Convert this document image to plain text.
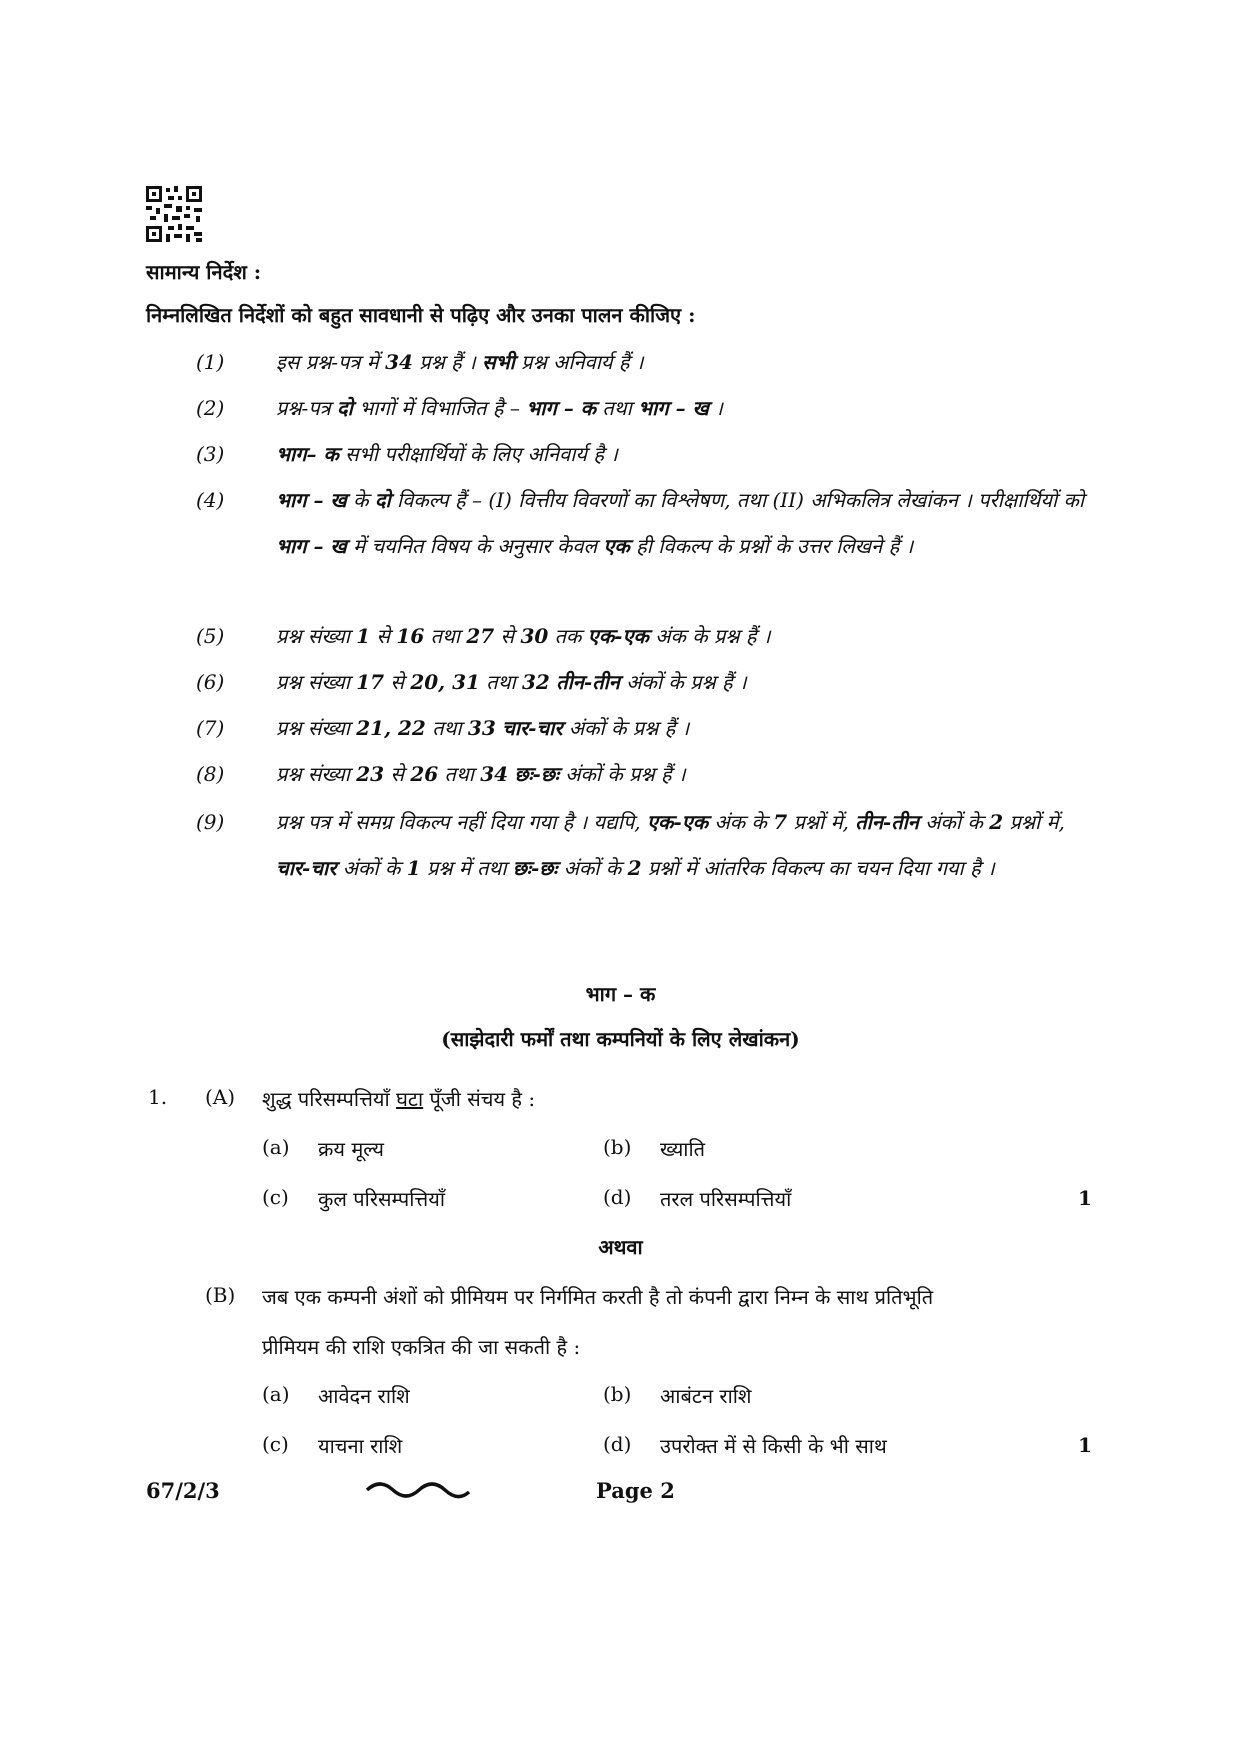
सामान्य निर्देश :
निम्नलिखित निर्देशों को बहुत सावधानी से पढ़िए और उनका पालन कीजिए :
(1)	इस प्रश्न-पत्र में 34 प्रश्न हैं । सभी प्रश्न अनिवार्य हैं ।
(2)	प्रश्न-पत्र दो भागों में विभाजित है – भाग – क तथा भाग – ख ।
(3)	भाग– क सभी परीक्षार्थियों के लिए अनिवार्य है ।
(4)	भाग – ख के दो विकल्प हैं – (I) वित्तीय विवरणों का विश्लेषण, तथा (II) अभिकलित्र लेखांकन । परीक्षार्थियों को भाग – ख में चयनित विषय के अनुसार केवल एक ही विकल्प के प्रश्नों के उत्तर लिखने हैं ।
(5)	प्रश्न संख्या 1 से 16 तथा 27 से 30 तक एक-एक अंक के प्रश्न हैं ।
(6)	प्रश्न संख्या 17 से 20, 31 तथा 32 तीन-तीन अंकों के प्रश्न हैं ।
(7)	प्रश्न संख्या 21, 22 तथा 33 चार-चार अंकों के प्रश्न हैं ।
(8)	प्रश्न संख्या 23 से 26 तथा 34 छः-छः अंकों के प्रश्न हैं ।
(9)	प्रश्न पत्र में समग्र विकल्प नहीं दिया गया है । यद्यपि, एक-एक अंक के 7 प्रश्नों में, तीन-तीन अंकों के 2 प्रश्नों में, चार-चार अंकों के 1 प्रश्न में तथा छः-छः अंकों के 2 प्रश्नों में आंतरिक विकल्प का चयन दिया गया है ।
भाग – क
(साझेदारी फर्मों तथा कम्पनियों के लिए लेखांकन)
1. (A) शुद्ध परिसम्पत्तियाँ घटा पूँजी संचय है :
(a) क्रय मूल्य	(b) ख्याति
(c) कुल परिसम्पत्तियाँ	(d) तरल परिसम्पत्तियाँ	1
अथवा
(B) जब एक कम्पनी अंशों को प्रीमियम पर निर्गमित करती है तो कंपनी द्वारा निम्न के साथ प्रतिभूति
प्रीमियम की राशि एकत्रित की जा सकती है :
(a) आवेदन राशि	(b) आबंटन राशि
(c) याचना राशि	(d) उपरोक्त में से किसी के भी साथ	1
67/2/3	Page 2
